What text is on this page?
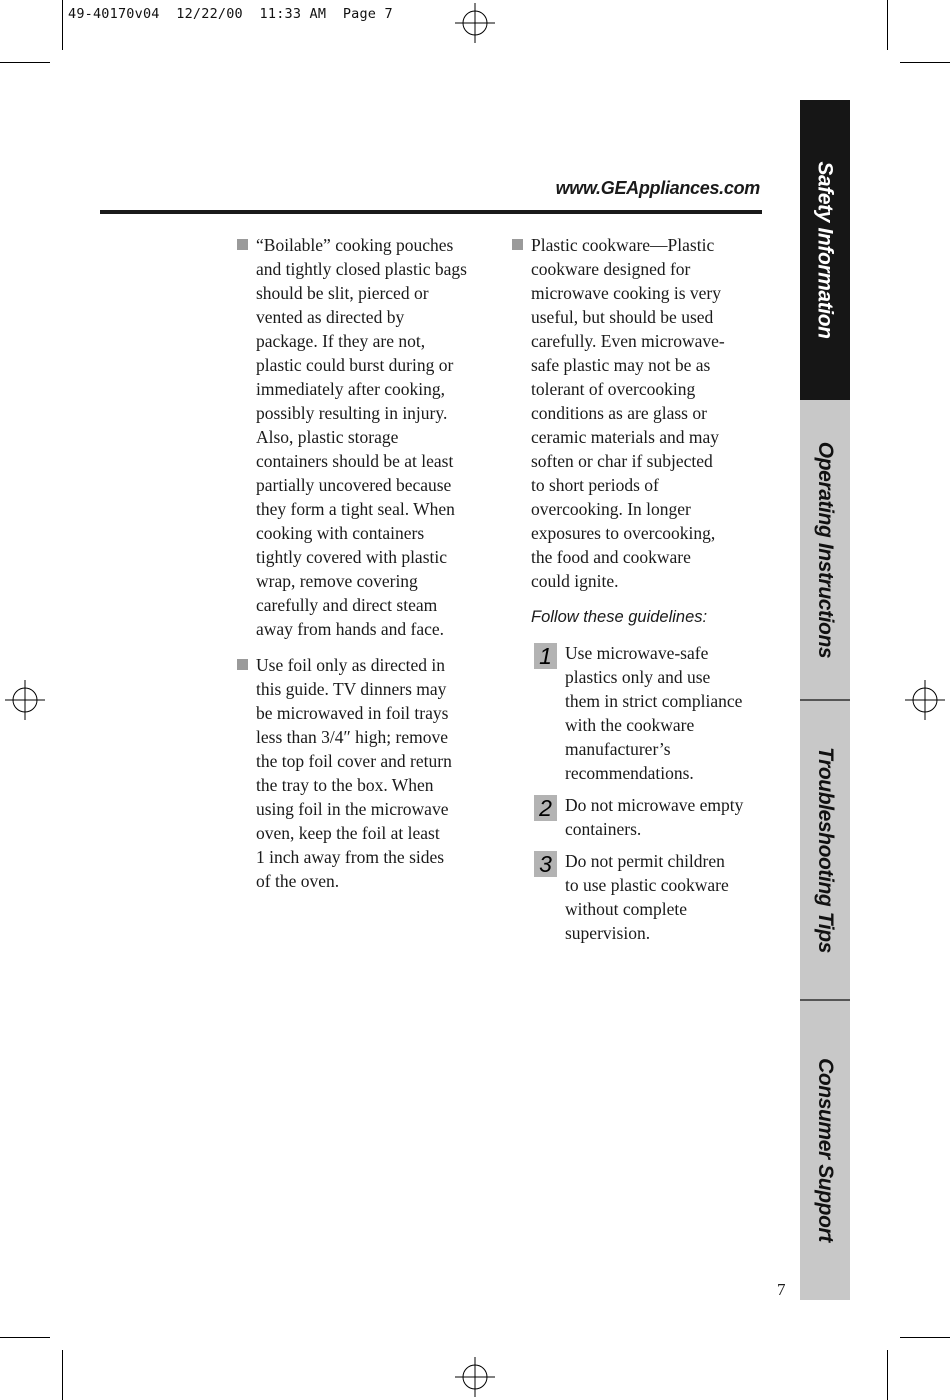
49-40170v04  12/22/00  11:33 AM  Page 7
www.GEAppliances.com
“Boilable” cooking pouches
and tightly closed plastic bags
should be slit, pierced or
vented as directed by
package. If they are not,
plastic could burst during or
immediately after cooking,
possibly resulting in injury.
Also, plastic storage
containers should be at least
partially uncovered because
they form a tight seal. When
cooking with containers
tightly covered with plastic
wrap, remove covering
carefully and direct steam
away from hands and face.
Use foil only as directed in
this guide. TV dinners may
be microwaved in foil trays
less than 3/4″ high; remove
the top foil cover and return
the tray to the box. When
using foil in the microwave
oven, keep the foil at least
1 inch away from the sides
of the oven.
Plastic cookware—Plastic
cookware designed for
microwave cooking is very
useful, but should be used
carefully. Even microwave-
safe plastic may not be as
tolerant of overcooking
conditions as are glass or
ceramic materials and may
soften or char if subjected
to short periods of
overcooking. In longer
exposures to overcooking,
the food and cookware
could ignite.
Follow these guidelines:
1 Use microwave-safe
plastics only and use
them in strict compliance
with the cookware
manufacturer’s
recommendations.
2 Do not microwave empty
containers.
3 Do not permit children
to use plastic cookware
without complete
supervision.
7
Safety Information
Operating Instructions
Troubleshooting Tips
Consumer Support
